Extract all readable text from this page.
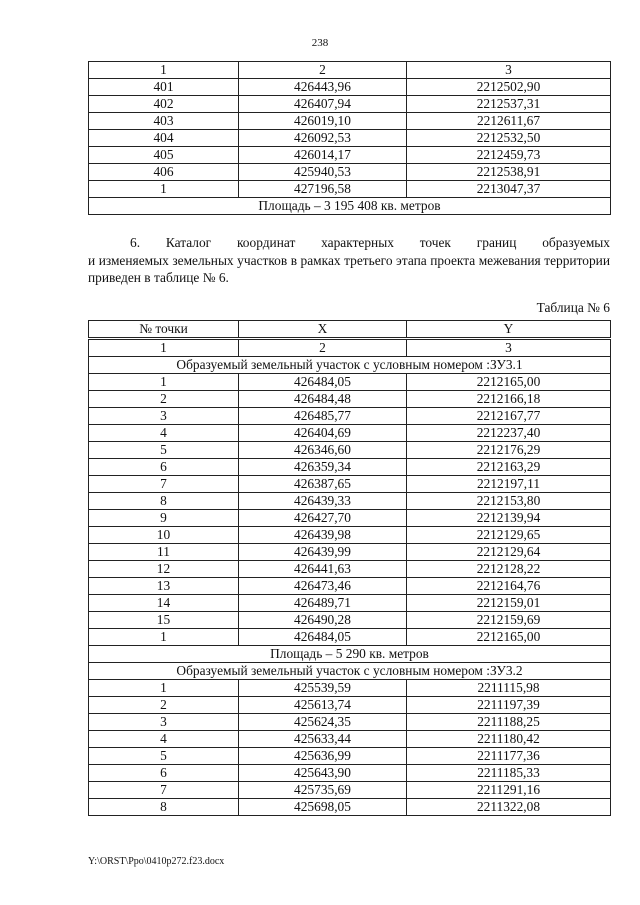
238
1	2	3
401	426443,96	2212502,90
402	426407,94	2212537,31
403	426019,10	2212611,67
404	426092,53	2212532,50
405	426014,17	2212459,73
406	425940,53	2212538,91
1	427196,58	2213047,37
Площадь – 3 195 408 кв. метров		
6. Каталог координат характерных точек границ образуемых
и изменяемых земельных участков в рамках третьего этапа проекта межевания территории приведен в таблице № 6.
Таблица № 6
№ точки	X	Y
1	2	3
Образуемый земельный участок с условным номером :ЗУ3.1		
1	426484,05	2212165,00
2	426484,48	2212166,18
3	426485,77	2212167,77
4	426404,69	2212237,40
5	426346,60	2212176,29
6	426359,34	2212163,29
7	426387,65	2212197,11
8	426439,33	2212153,80
9	426427,70	2212139,94
10	426439,98	2212129,65
11	426439,99	2212129,64
12	426441,63	2212128,22
13	426473,46	2212164,76
14	426489,71	2212159,01
15	426490,28	2212159,69
1	426484,05	2212165,00
Площадь – 5 290 кв. метров		
Образуемый земельный участок с условным номером :ЗУ3.2		
1	425539,59	2211115,98
2	425613,74	2211197,39
3	425624,35	2211188,25
4	425633,44	2211180,42
5	425636,99	2211177,36
6	425643,90	2211185,33
7	425735,69	2211291,16
8	425698,05	2211322,08
Y:\ORST\Ppo\0410p272.f23.docx
